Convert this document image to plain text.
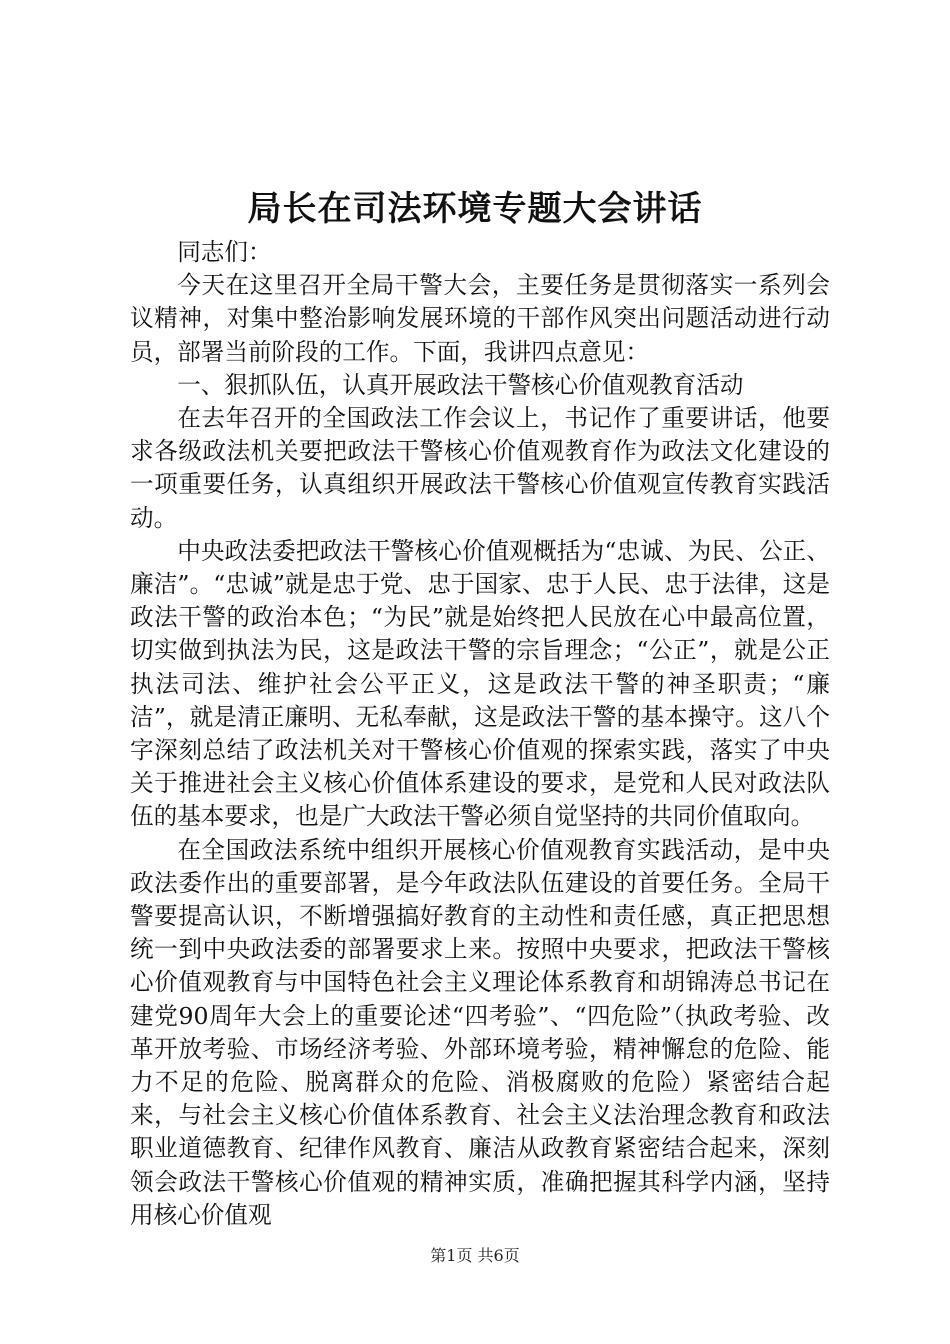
局长在司法环境专题大会讲话

同志们：

今天在这里召开全局干警大会，主要任务是贯彻落实一系列会议精神，对集中整治影响发展环境的干部作风突出问题活动进行动员，部署当前阶段的工作。下面，我讲四点意见：

一、狠抓队伍，认真开展政法干警核心价值观教育活动

在去年召开的全国政法工作会议上，书记作了重要讲话，他要求各级政法机关要把政法干警核心价值观教育作为政法文化建设的一项重要任务，认真组织开展政法干警核心价值观宣传教育实践活动。

中央政法委把政法干警核心价值观概括为“忠诚、为民、公正、廉洁”。“忠诚”就是忠于党、忠于国家、忠于人民、忠于法律，这是政法干警的政治本色；“为民”就是始终把人民放在心中最高位置，切实做到执法为民，这是政法干警的宗旨理念；“公正”，就是公正执法司法、维护社会公平正义，这是政法干警的神圣职责；“廉洁”，就是清正廉明、无私奉献，这是政法干警的基本操守。这八个字深刻总结了政法机关对干警核心价值观的探索实践，落实了中央关于推进社会主义核心价值体系建设的要求，是党和人民对政法队伍的基本要求，也是广大政法干警必须自觉坚持的共同价值取向。

在全国政法系统中组织开展核心价值观教育实践活动，是中央政法委作出的重要部署，是今年政法队伍建设的首要任务。全局干警要提高认识，不断增强搞好教育的主动性和责任感，真正把思想统一到中央政法委的部署要求上来。按照中央要求，把政法干警核心价值观教育与中国特色社会主义理论体系教育和胡锦涛总书记在建党90周年大会上的重要论述“四考验”、“四危险”（执政考验、改革开放考验、市场经济考验、外部环境考验，精神懈怠的危险、能力不足的危险、脱离群众的危险、消极腐败的危险）紧密结合起来，与社会主义核心价值体系教育、社会主义法治理念教育和政法职业道德教育、纪律作风教育、廉洁从政教育紧密结合起来，深刻领会政法干警核心价值观的精神实质，准确把握其科学内涵，坚持用核心价值观

第1页 共6页
